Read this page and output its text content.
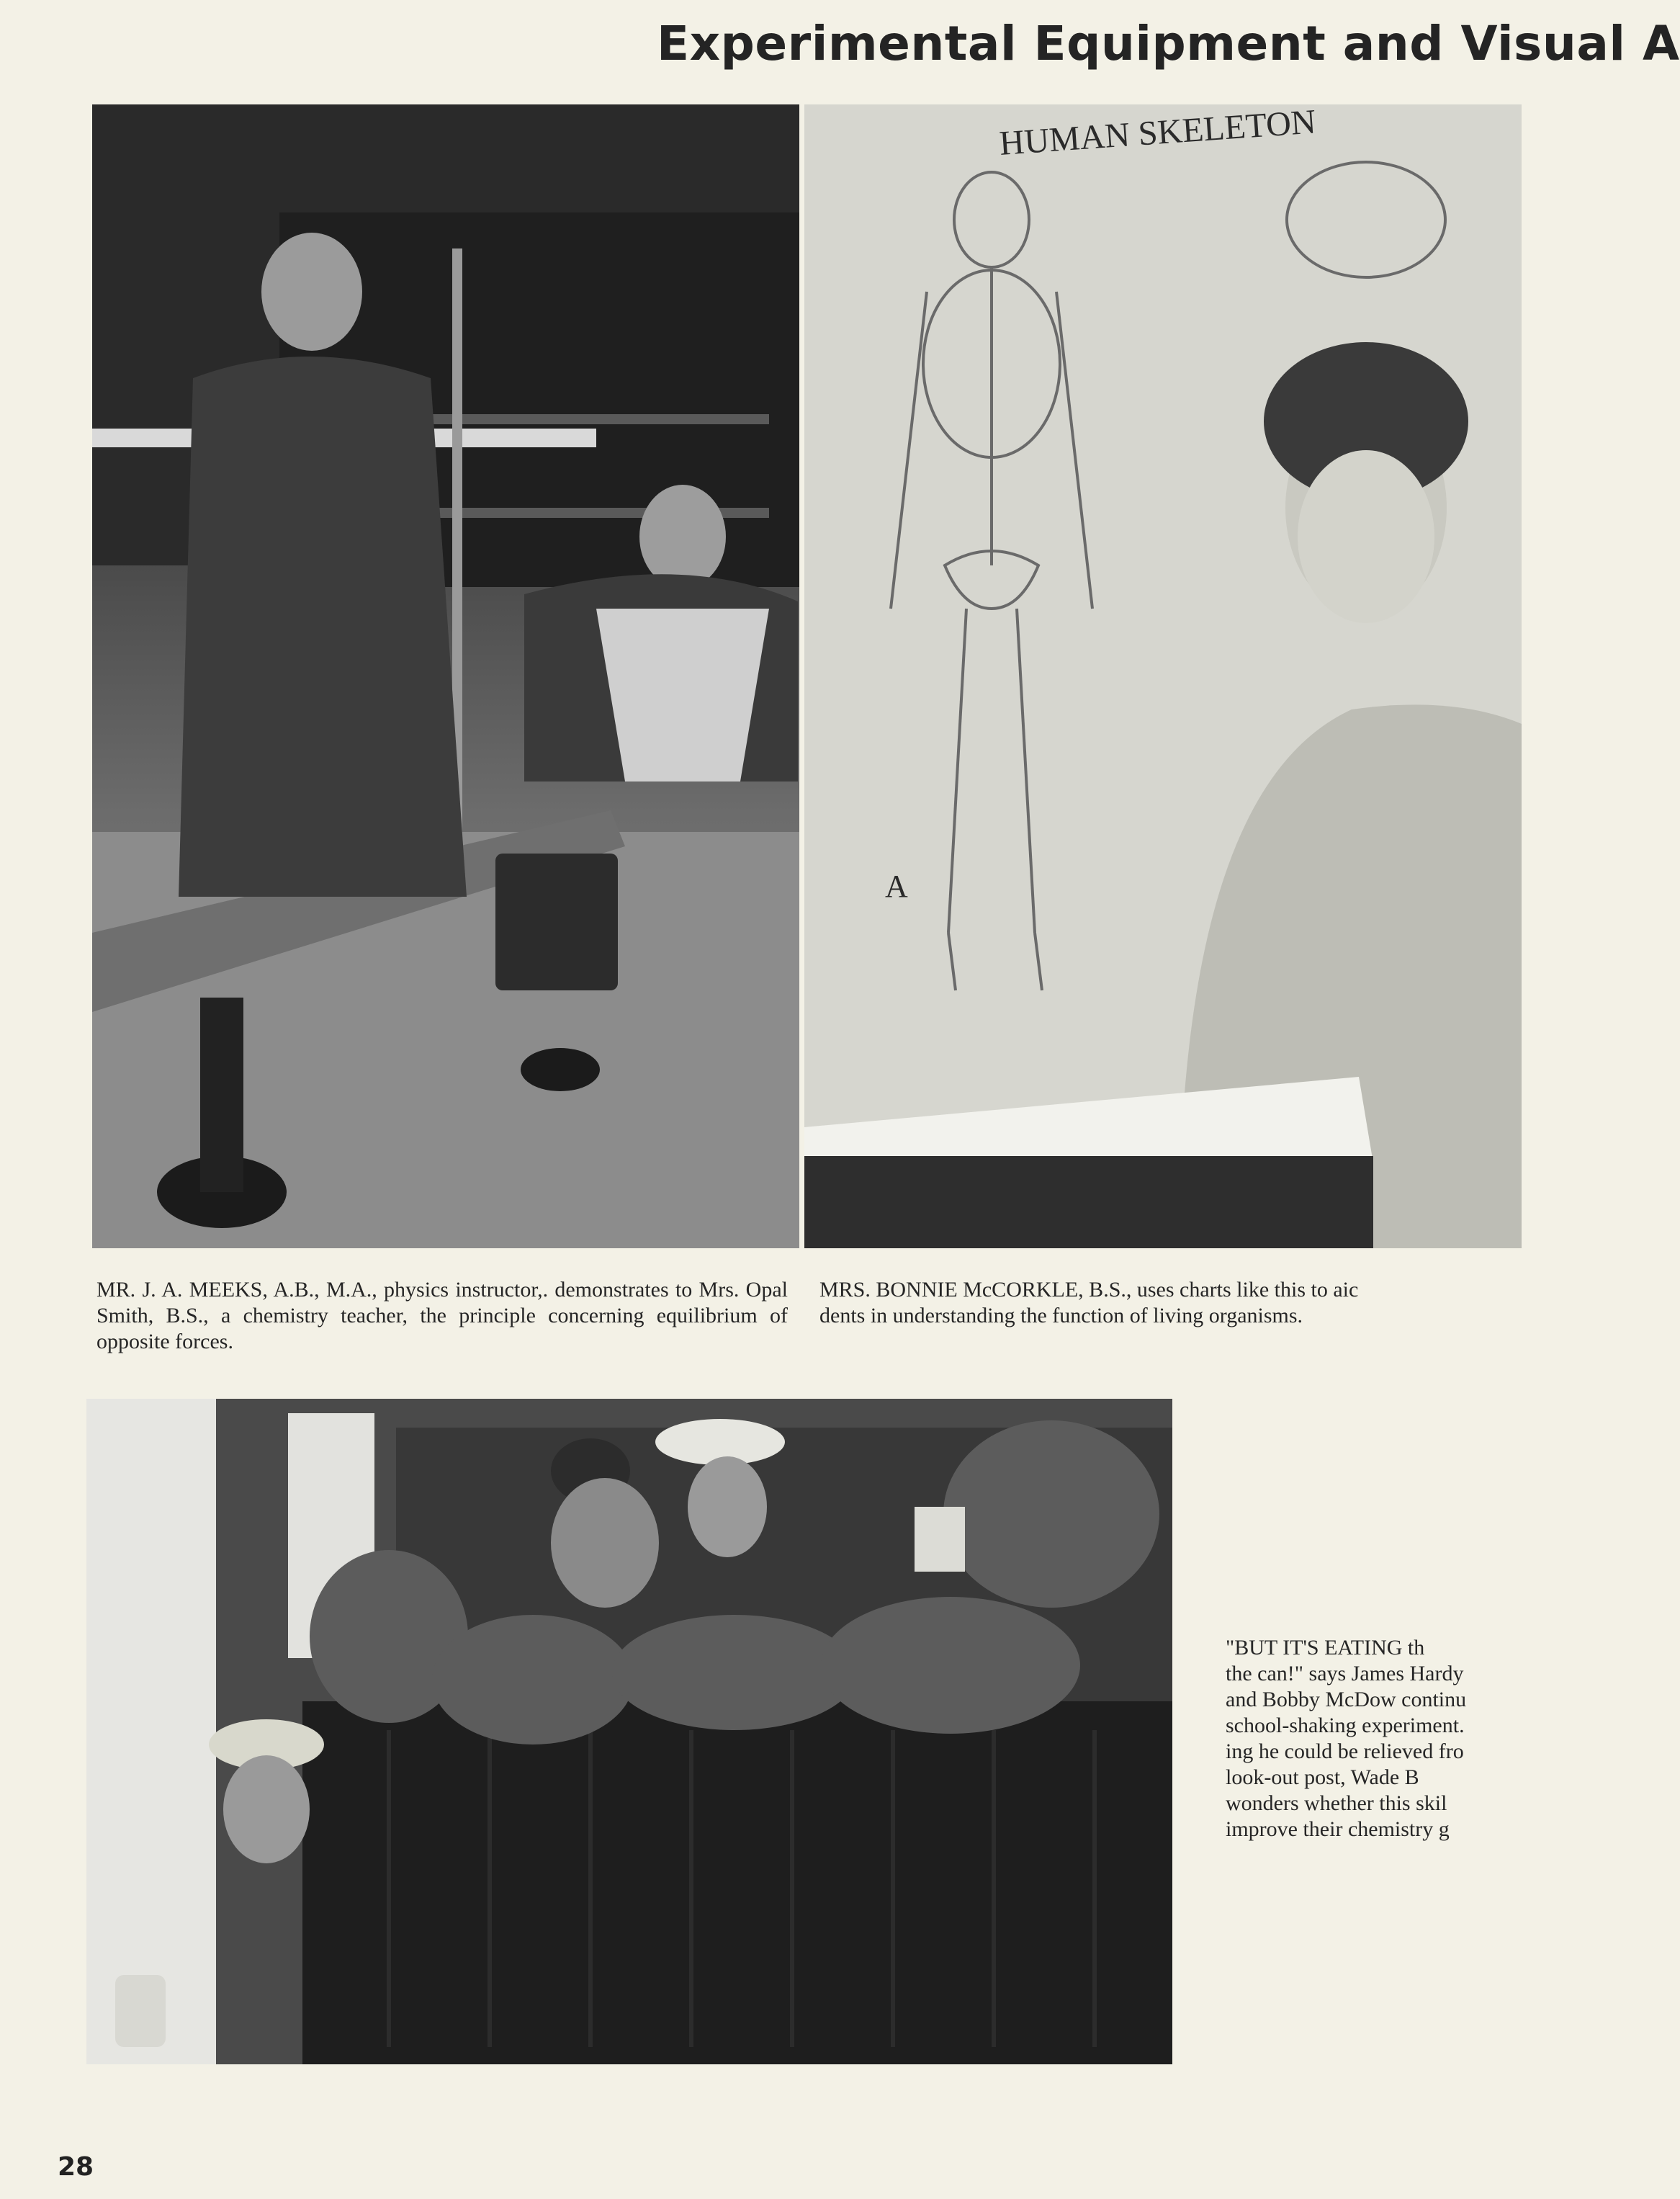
Experimental Equipment and Visual A
HUMAN SKELETON
A

MR. J. A. MEEKS, A.B., M.A., physics instructor,. demonstrates to Mrs. Opal Smith, B.S., a chemistry teacher, the principle concerning equilibrium of opposite forces.

MRS. BONNIE McCORKLE, B.S., uses charts like this to aic
dents in understanding the function of living organisms.

"BUT IT'S EATING th
the can!" says James Hardy
and Bobby McDow continu
school-shaking experiment.
ing he could be relieved fro
look-out post, Wade B
wonders whether this skil
improve their chemistry g

28
